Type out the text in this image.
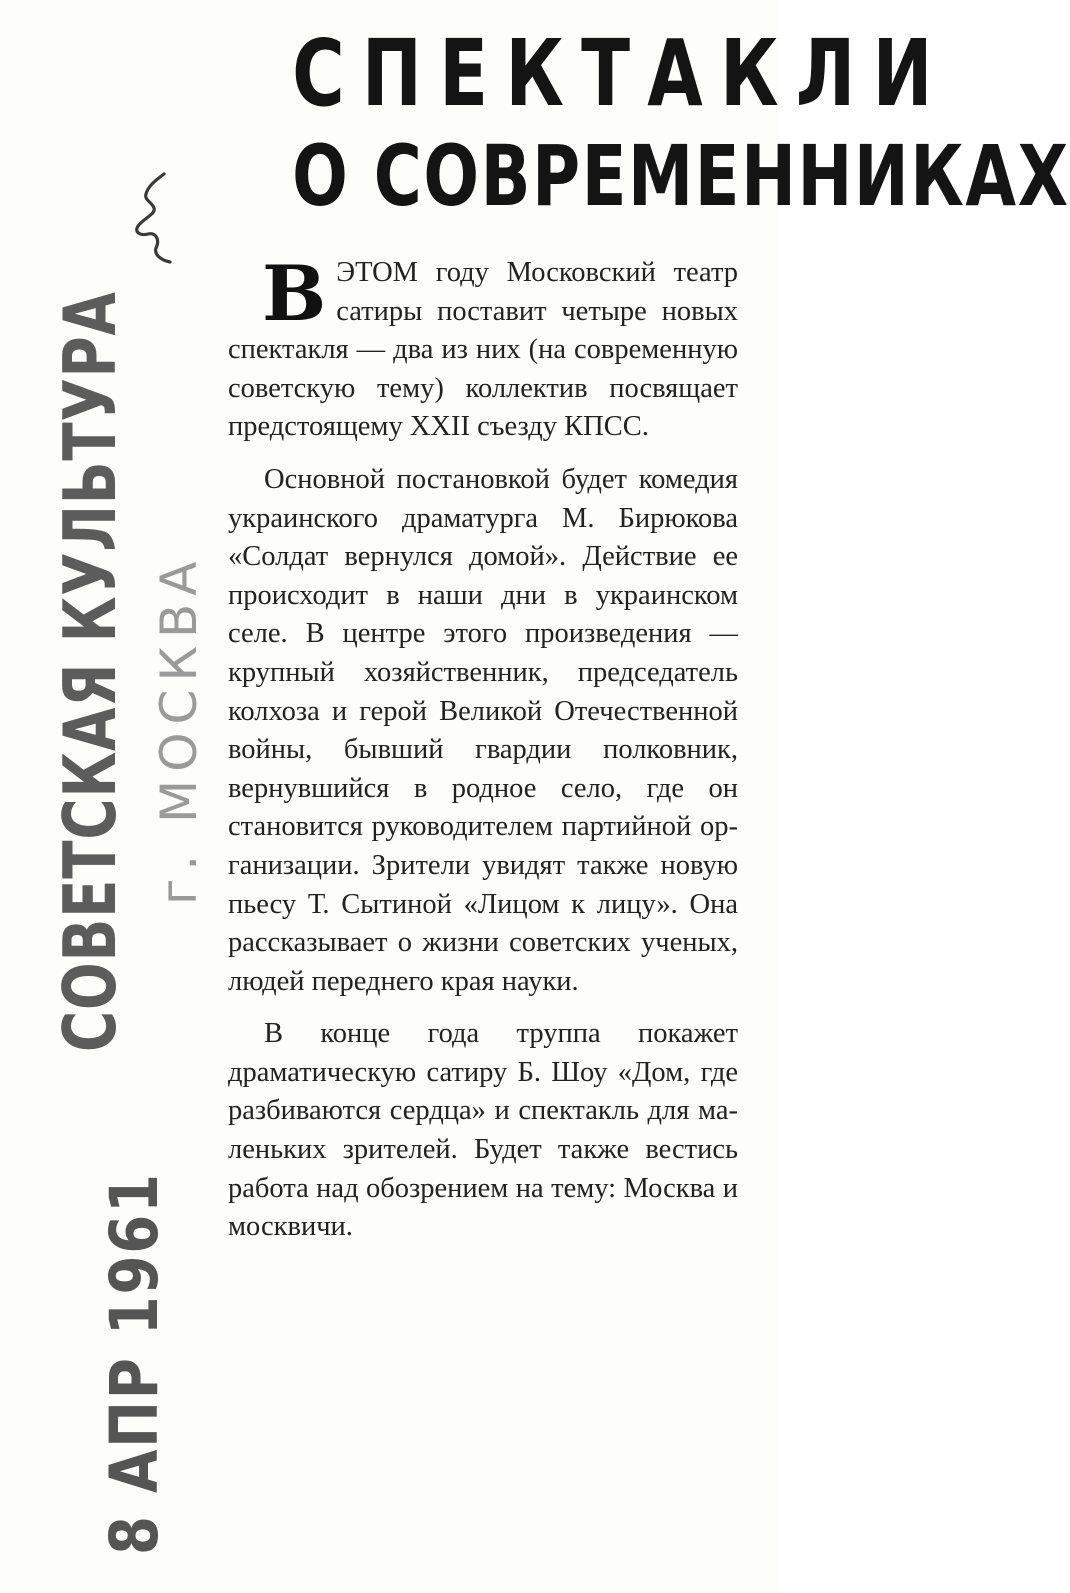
СОВЕТСКАЯ КУЛЬТУРА г. МОСКВА
8 АПР 1961
СПЕКТАКЛИ
О СОВРЕМЕННИКАХ

В ЭТОМ году Московский театр сатиры поставит четыре новых спектакля — два из них (на современную советскую тему) коллектив посвящает предстоящему XXII съезду КПСС.

Основной постановкой будет комедия украинского драматурга М. Бирюкова «Солдат вернулся домой». Действие ее происходит в наши дни в украинском селе. В центре этого произведения — крупный хозяйственник, председатель колхоза и герой Великой Отечественной войны, бывший гвардии полковник, вернувшийся в родное село, где он становится руководителем партийной организации. Зрители увидят также новую пьесу Т. Сытиной «Лицом к лицу». Она рассказывает о жизни советских ученых, людей переднего края науки.

В конце года труппа покажет драматическую сатиру Б. Шоу «Дом, где разбиваются сердца» и спектакль для маленьких зрителей. Будет также вестись работа над обозрением на тему: Москва и москвичи.
